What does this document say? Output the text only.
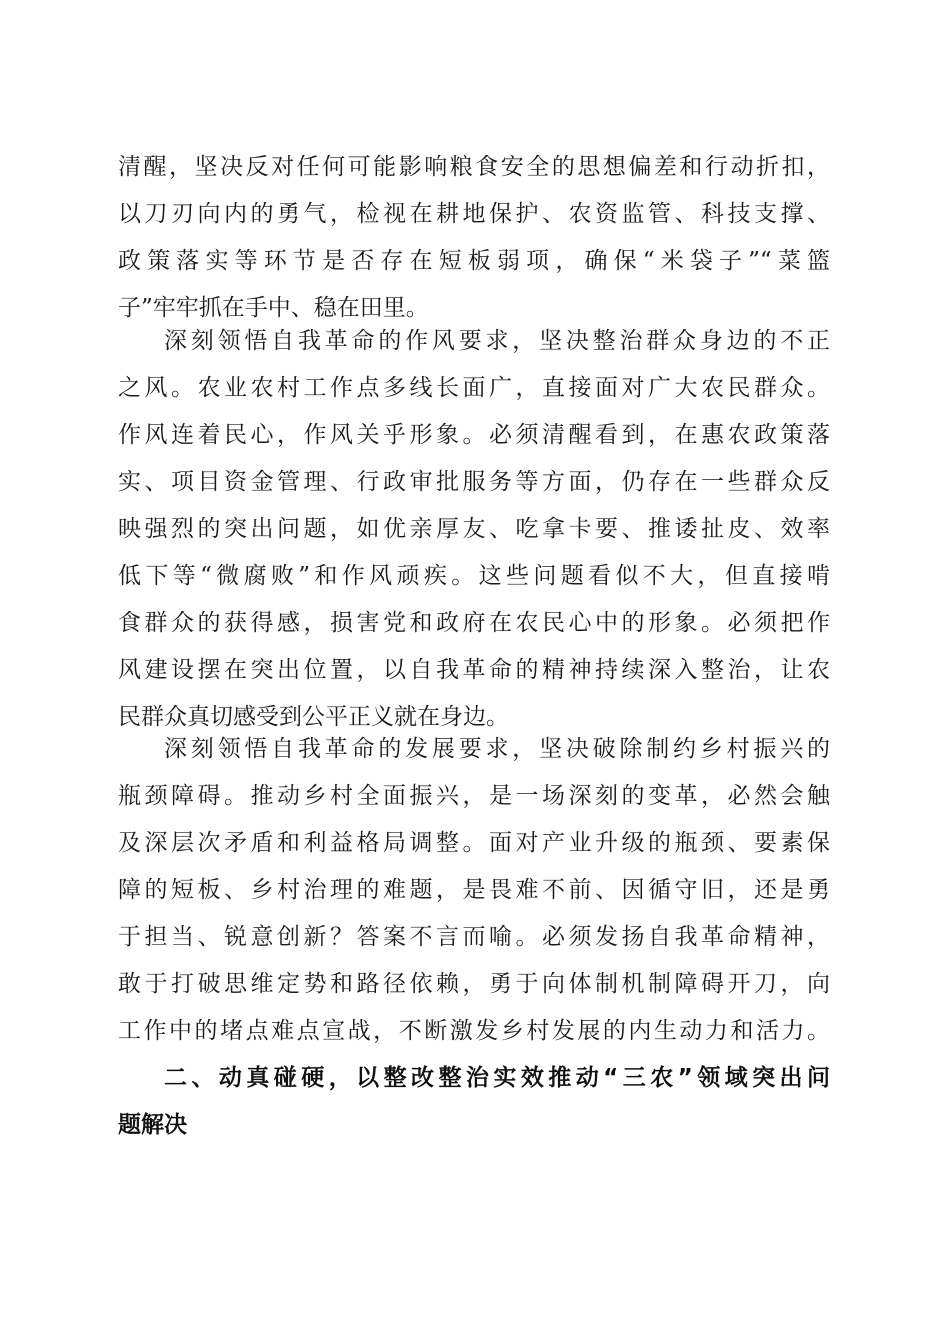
清醒，坚决反对任何可能影响粮食安全的思想偏差和行动折扣，
以刀刃向内的勇气，检视在耕地保护、农资监管、科技支撑、
政策落实等环节是否存在短板弱项，确保“米袋子”“菜篮
子”牢牢抓在手中、稳在田里。
深刻领悟自我革命的作风要求，坚决整治群众身边的不正
之风。农业农村工作点多线长面广，直接面对广大农民群众。
作风连着民心，作风关乎形象。必须清醒看到，在惠农政策落
实、项目资金管理、行政审批服务等方面，仍存在一些群众反
映强烈的突出问题，如优亲厚友、吃拿卡要、推诿扯皮、效率
低下等“微腐败”和作风顽疾。这些问题看似不大，但直接啃
食群众的获得感，损害党和政府在农民心中的形象。必须把作
风建设摆在突出位置，以自我革命的精神持续深入整治，让农
民群众真切感受到公平正义就在身边。
深刻领悟自我革命的发展要求，坚决破除制约乡村振兴的
瓶颈障碍。推动乡村全面振兴，是一场深刻的变革，必然会触
及深层次矛盾和利益格局调整。面对产业升级的瓶颈、要素保
障的短板、乡村治理的难题，是畏难不前、因循守旧，还是勇
于担当、锐意创新？答案不言而喻。必须发扬自我革命精神，
敢于打破思维定势和路径依赖，勇于向体制机制障碍开刀，向
工作中的堵点难点宣战，不断激发乡村发展的内生动力和活力。
二、动真碰硬，以整改整治实效推动“三农”领域突出问
题解决
